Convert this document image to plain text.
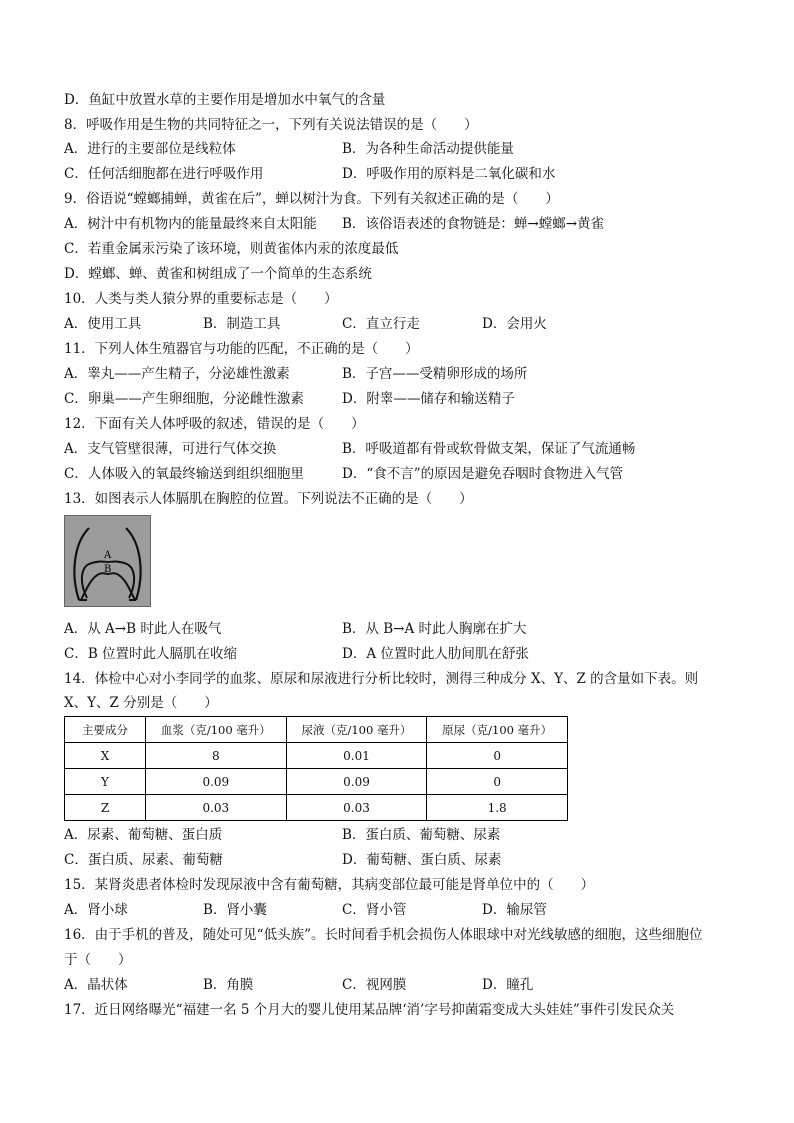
D．鱼缸中放置水草的主要作用是增加水中氧气的含量
8．呼吸作用是生物的共同特征之一，下列有关说法错误的是（　　）
A．进行的主要部位是线粒体	B．为各种生命活动提供能量
C．任何活细胞都在进行呼吸作用	D．呼吸作用的原料是二氧化碳和水
9．俗语说“螳螂捕蝉，黄雀在后”，蝉以树汁为食。下列有关叙述正确的是（　　）
A．树汁中有机物内的能量最终来自太阳能 B．该俗语表述的食物链是：蝉→螳螂→黄雀
C．若重金属汞污染了该环境，则黄雀体内汞的浓度最低
D．螳螂、蝉、黄雀和树组成了一个简单的生态系统
10．人类与类人猿分界的重要标志是（　　）
A．使用工具	B．制造工具	C．直立行走	D．会用火
11．下列人体生殖器官与功能的匹配，不正确的是（　　）
A．睾丸——产生精子，分泌雄性激素	B．子宫——受精卵形成的场所
C．卵巢——产生卵细胞，分泌雌性激素	D．附睾——储存和输送精子
12．下面有关人体呼吸的叙述，错误的是（　　）
A．支气管壁很薄，可进行气体交换	B．呼吸道都有骨或软骨做支架，保证了气流通畅
C．人体吸入的氧最终输送到组织细胞里	D．“食不言”的原因是避免吞咽时食物进入气管
13．如图表示人体膈肌在胸腔的位置。下列说法不正确的是（　　）
A
B
A．从 A→B 时此人在吸气	B．从 B→A 时此人胸廓在扩大
C．B 位置时此人膈肌在收缩	D．A 位置时此人肋间肌在舒张
14．体检中心对小李同学的血浆、原尿和尿液进行分析比较时，测得三种成分 X、Y、Z 的含量如下表。则
X、Y、Z 分别是（　　）
主要成分	血浆（克/100 毫升）	尿液（克/100 毫升）	原尿（克/100 毫升）
X	8	0.01	0
Y	0.09	0.09	0
Z	0.03	0.03	1.8
A．尿素、葡萄糖、蛋白质	B．蛋白质、葡萄糖、尿素
C．蛋白质、尿素、葡萄糖	D．葡萄糖、蛋白质、尿素
15．某肾炎患者体检时发现尿液中含有葡萄糖，其病变部位最可能是肾单位中的（　　）
A．肾小球	B．肾小囊	C．肾小管	D．输尿管
16．由于手机的普及，随处可见“低头族”。长时间看手机会损伤人体眼球中对光线敏感的细胞，这些细胞位
于（　　）
A．晶状体	B．角膜	C．视网膜	D．瞳孔
17．近日网络曝光“福建一名 5 个月大的婴儿使用某品牌‘消’字号抑菌霜变成大头娃娃”事件引发民众关
